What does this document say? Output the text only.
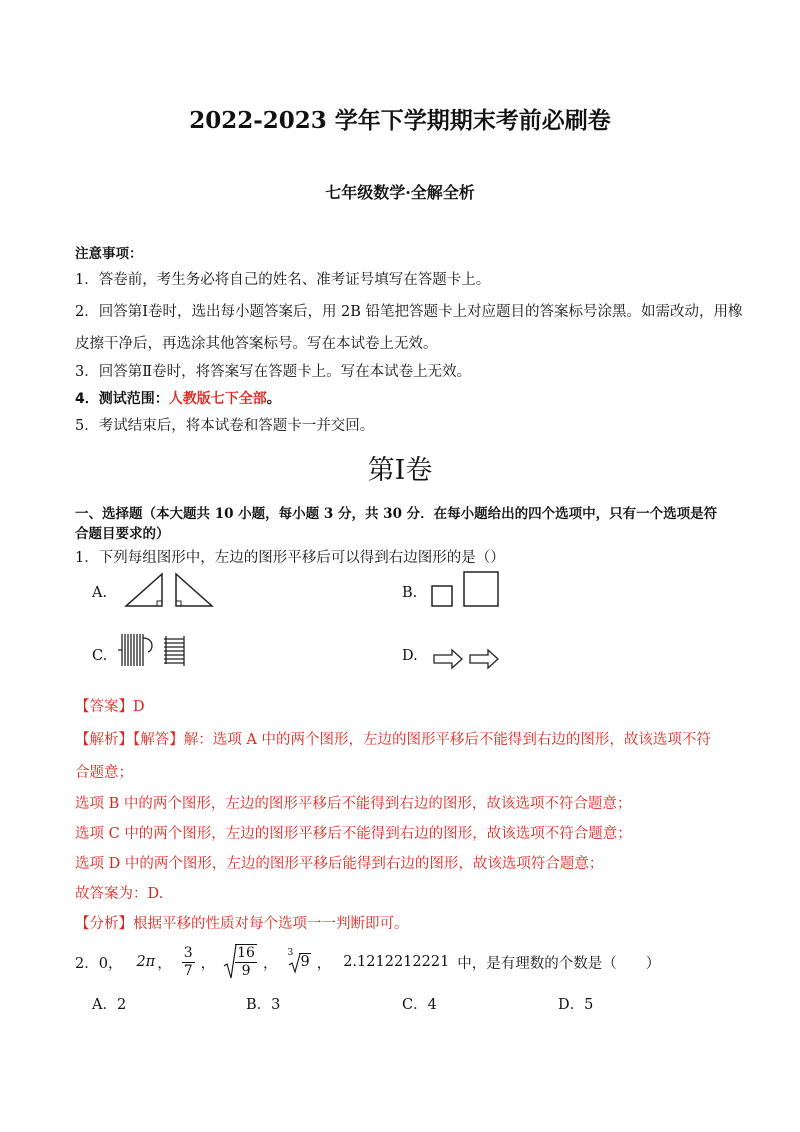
2022-2023 学年下学期期末考前必刷卷
七年级数学·全解全析
注意事项：
1．答卷前，考生务必将自己的姓名、准考证号填写在答题卡上。
2．回答第Ⅰ卷时，选出每小题答案后，用 2B 铅笔把答题卡上对应题目的答案标号涂黑。如需改动，用橡
皮擦干净后，再选涂其他答案标号。写在本试卷上无效。
3．回答第Ⅱ卷时，将答案写在答题卡上。写在本试卷上无效。
4．测试范围：人教版七下全部。
5．考试结束后，将本试卷和答题卡一并交回。
第Ⅰ卷
一、选择题（本大题共 10 小题，每小题 3 分，共 30 分．在每小题给出的四个选项中，只有一个选项是符
合题目要求的）
1．下列每组图形中，左边的图形平移后可以得到右边图形的是（）
A.	B.
C.	D.
【答案】D
【解析】【解答】解：选项 A 中的两个图形，左边的图形平移后不能得到右边的图形，故该选项不符
合题意；
选项 B 中的两个图形，左边的图形平移后不能得到右边的图形，故该选项不符合题意；
选项 C 中的两个图形，左边的图形平移后不能得到右边的图形，故该选项不符合题意；
选项 D 中的两个图形，左边的图形平移后能得到右边的图形，故该选项符合题意；
故答案为：D.
【分析】根据平移的性质对每个选项一一判断即可。
2．0， 2π ， $\frac{3}{7}$ ， $\frac{16}{9}$ ，
3
9 ， 2.1212212221 中，是有理数的个数是（　　）
A．2	B．3	C．4	D．5
